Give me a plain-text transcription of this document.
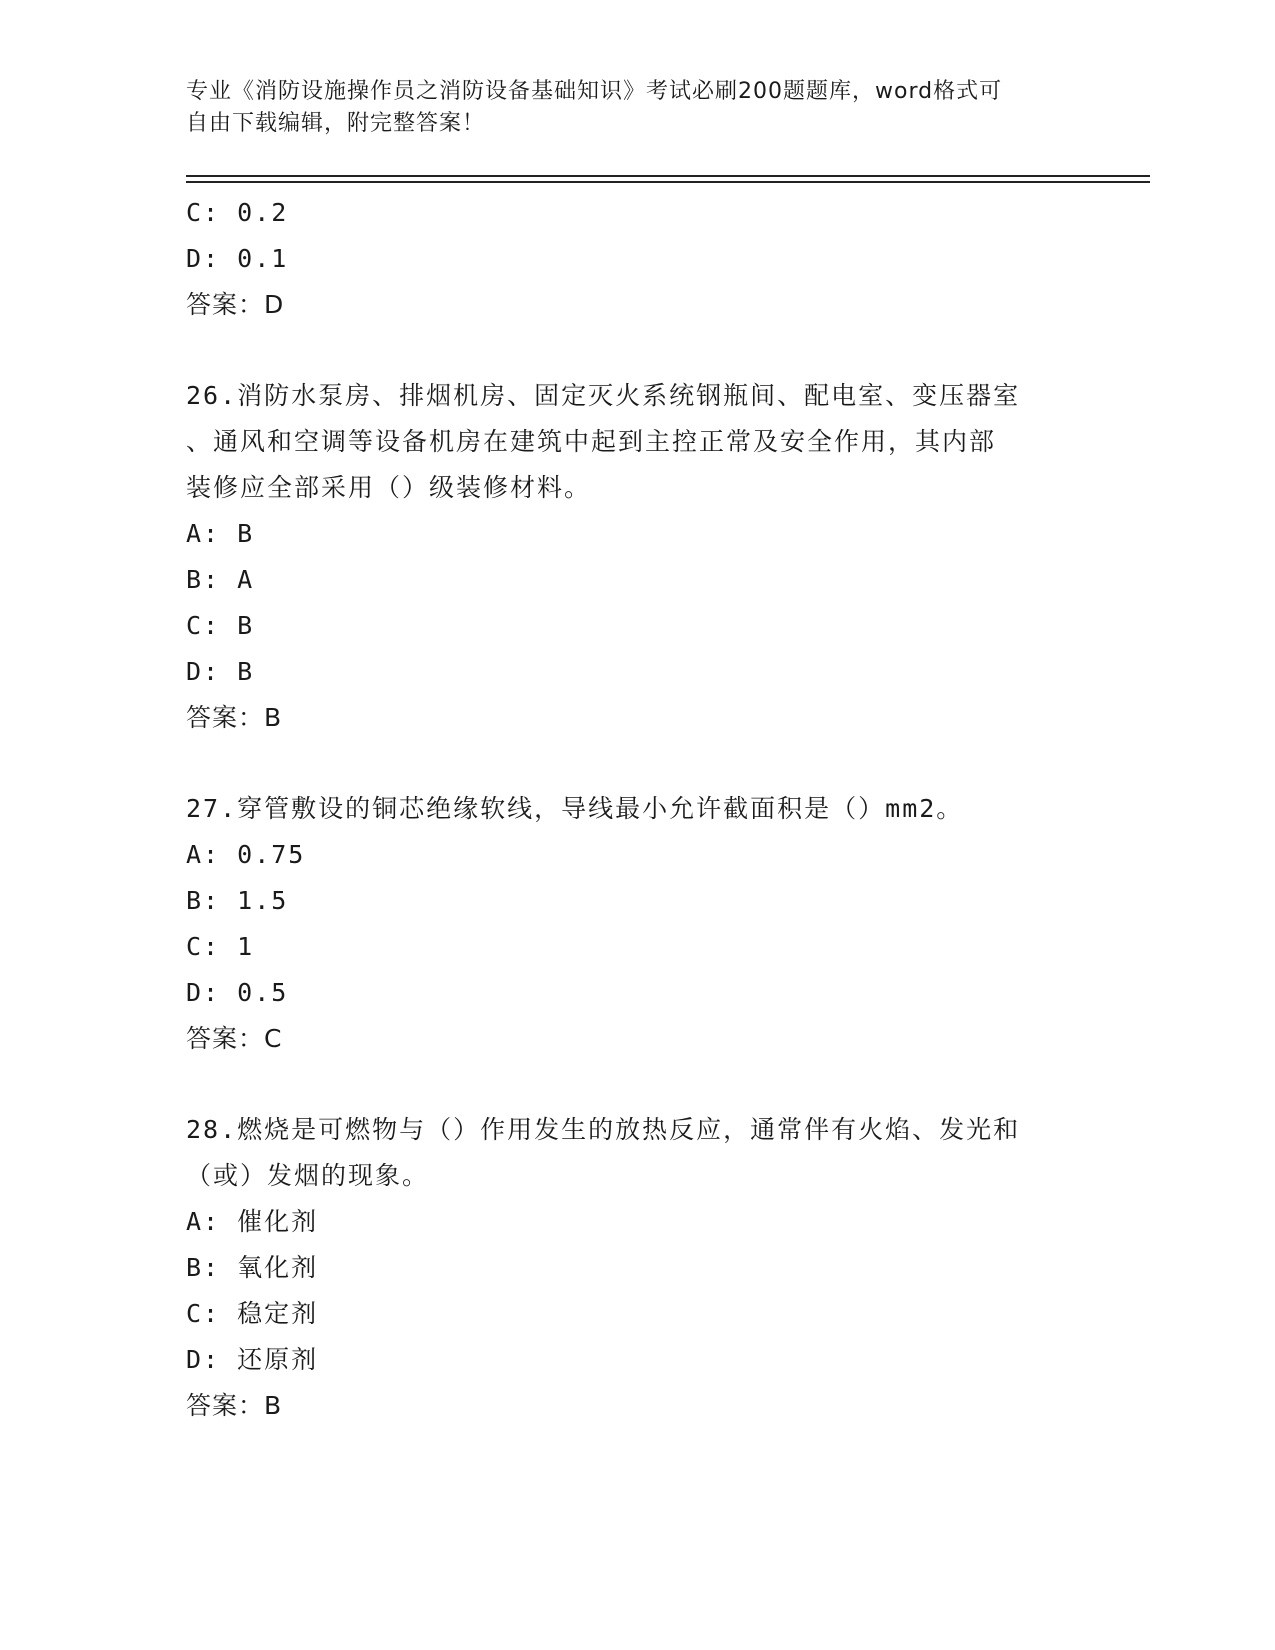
专业《消防设施操作员之消防设备基础知识》考试必刷200题题库，word格式可
自由下载编辑，附完整答案！
C: 0.2
D: 0.1
答案：D
26.消防水泵房、排烟机房、固定灭火系统钢瓶间、配电室、变压器室
、通风和空调等设备机房在建筑中起到主控正常及安全作用，其内部
装修应全部采用（）级装修材料。
A: B
B: A
C: B
D: B
答案：B
27.穿管敷设的铜芯绝缘软线，导线最小允许截面积是（）mm2。
A: 0.75
B: 1.5
C: 1
D: 0.5
答案：C
28.燃烧是可燃物与（）作用发生的放热反应，通常伴有火焰、发光和
（或）发烟的现象。
A: 催化剂
B: 氧化剂
C: 稳定剂
D: 还原剂
答案：B
